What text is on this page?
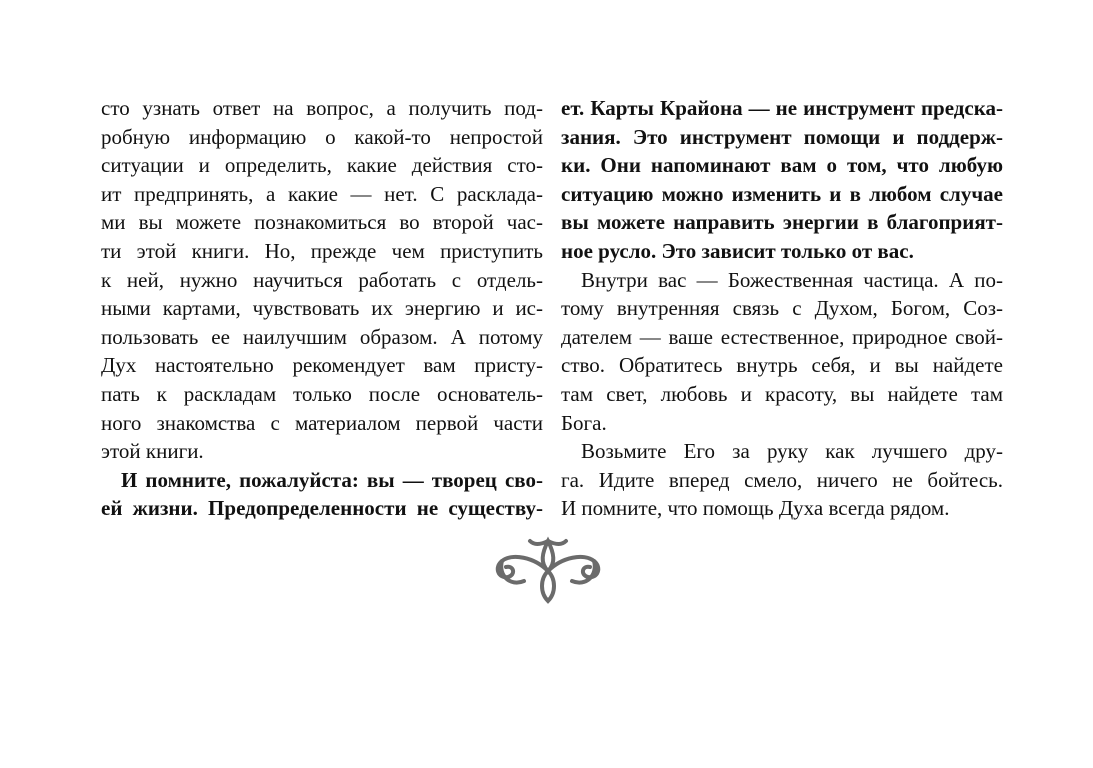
сто узнать ответ на вопрос, а получить под-
робную информацию о какой-то непростой
ситуации и определить, какие действия сто-
ит предпринять, а какие — нет. С расклада-
ми вы можете познакомиться во второй час-
ти этой книги. Но, прежде чем приступить
к ней, нужно научиться работать с отдель-
ными картами, чувствовать их энергию и ис-
пользовать ее наилучшим образом. А потому
Дух настоятельно рекомендует вам присту-
пать к раскладам только после основатель-
ного знакомства с материалом первой части
этой книги.
И помните, пожалуйста: вы — творец сво-
ей жизни. Предопределенности не существу-
ет. Карты Крайона — не инструмент предска-
зания. Это инструмент помощи и поддерж-
ки. Они напоминают вам о том, что любую
ситуацию можно изменить и в любом случае
вы можете направить энергии в благоприят-
ное русло. Это зависит только от вас.
Внутри вас — Божественная частица. А по-
тому внутренняя связь с Духом, Богом, Соз-
дателем — ваше естественное, природное свой-
ство. Обратитесь внутрь себя, и вы найдете
там свет, любовь и красоту, вы найдете там
Бога.
Возьмите Его за руку как лучшего дру-
га. Идите вперед смело, ничего не бойтесь.
И помните, что помощь Духа всегда рядом.
